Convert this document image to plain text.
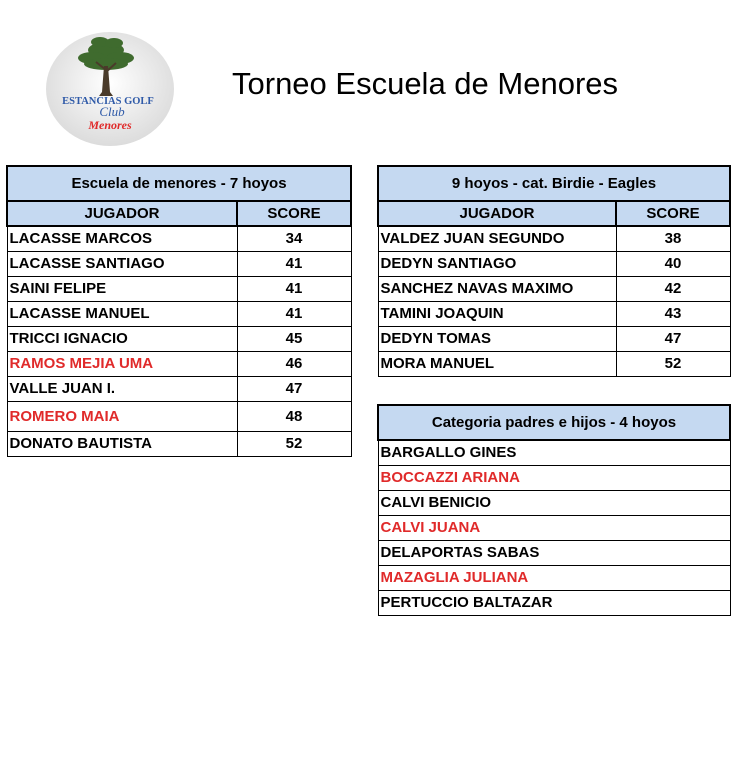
ESTANCIAS GOLF
Club
Menores
Torneo Escuela de Menores
Escuela de menores - 7 hoyos	
JUGADOR	SCORE
LACASSE MARCOS	34
LACASSE SANTIAGO	41
SAINI FELIPE	41
LACASSE MANUEL	41
TRICCI IGNACIO	45
RAMOS MEJIA UMA	46
VALLE JUAN I.	47
ROMERO MAIA	48
DONATO BAUTISTA	52
9 hoyos - cat. Birdie - Eagles	
JUGADOR	SCORE
VALDEZ JUAN SEGUNDO	38
DEDYN SANTIAGO	40
SANCHEZ NAVAS MAXIMO	42
TAMINI JOAQUIN	43
DEDYN TOMAS	47
MORA MANUEL	52
Categoria padres e hijos - 4 hoyos
BARGALLO GINES
BOCCAZZI ARIANA
CALVI BENICIO
CALVI JUANA
DELAPORTAS SABAS
MAZAGLIA JULIANA
PERTUCCIO BALTAZAR
